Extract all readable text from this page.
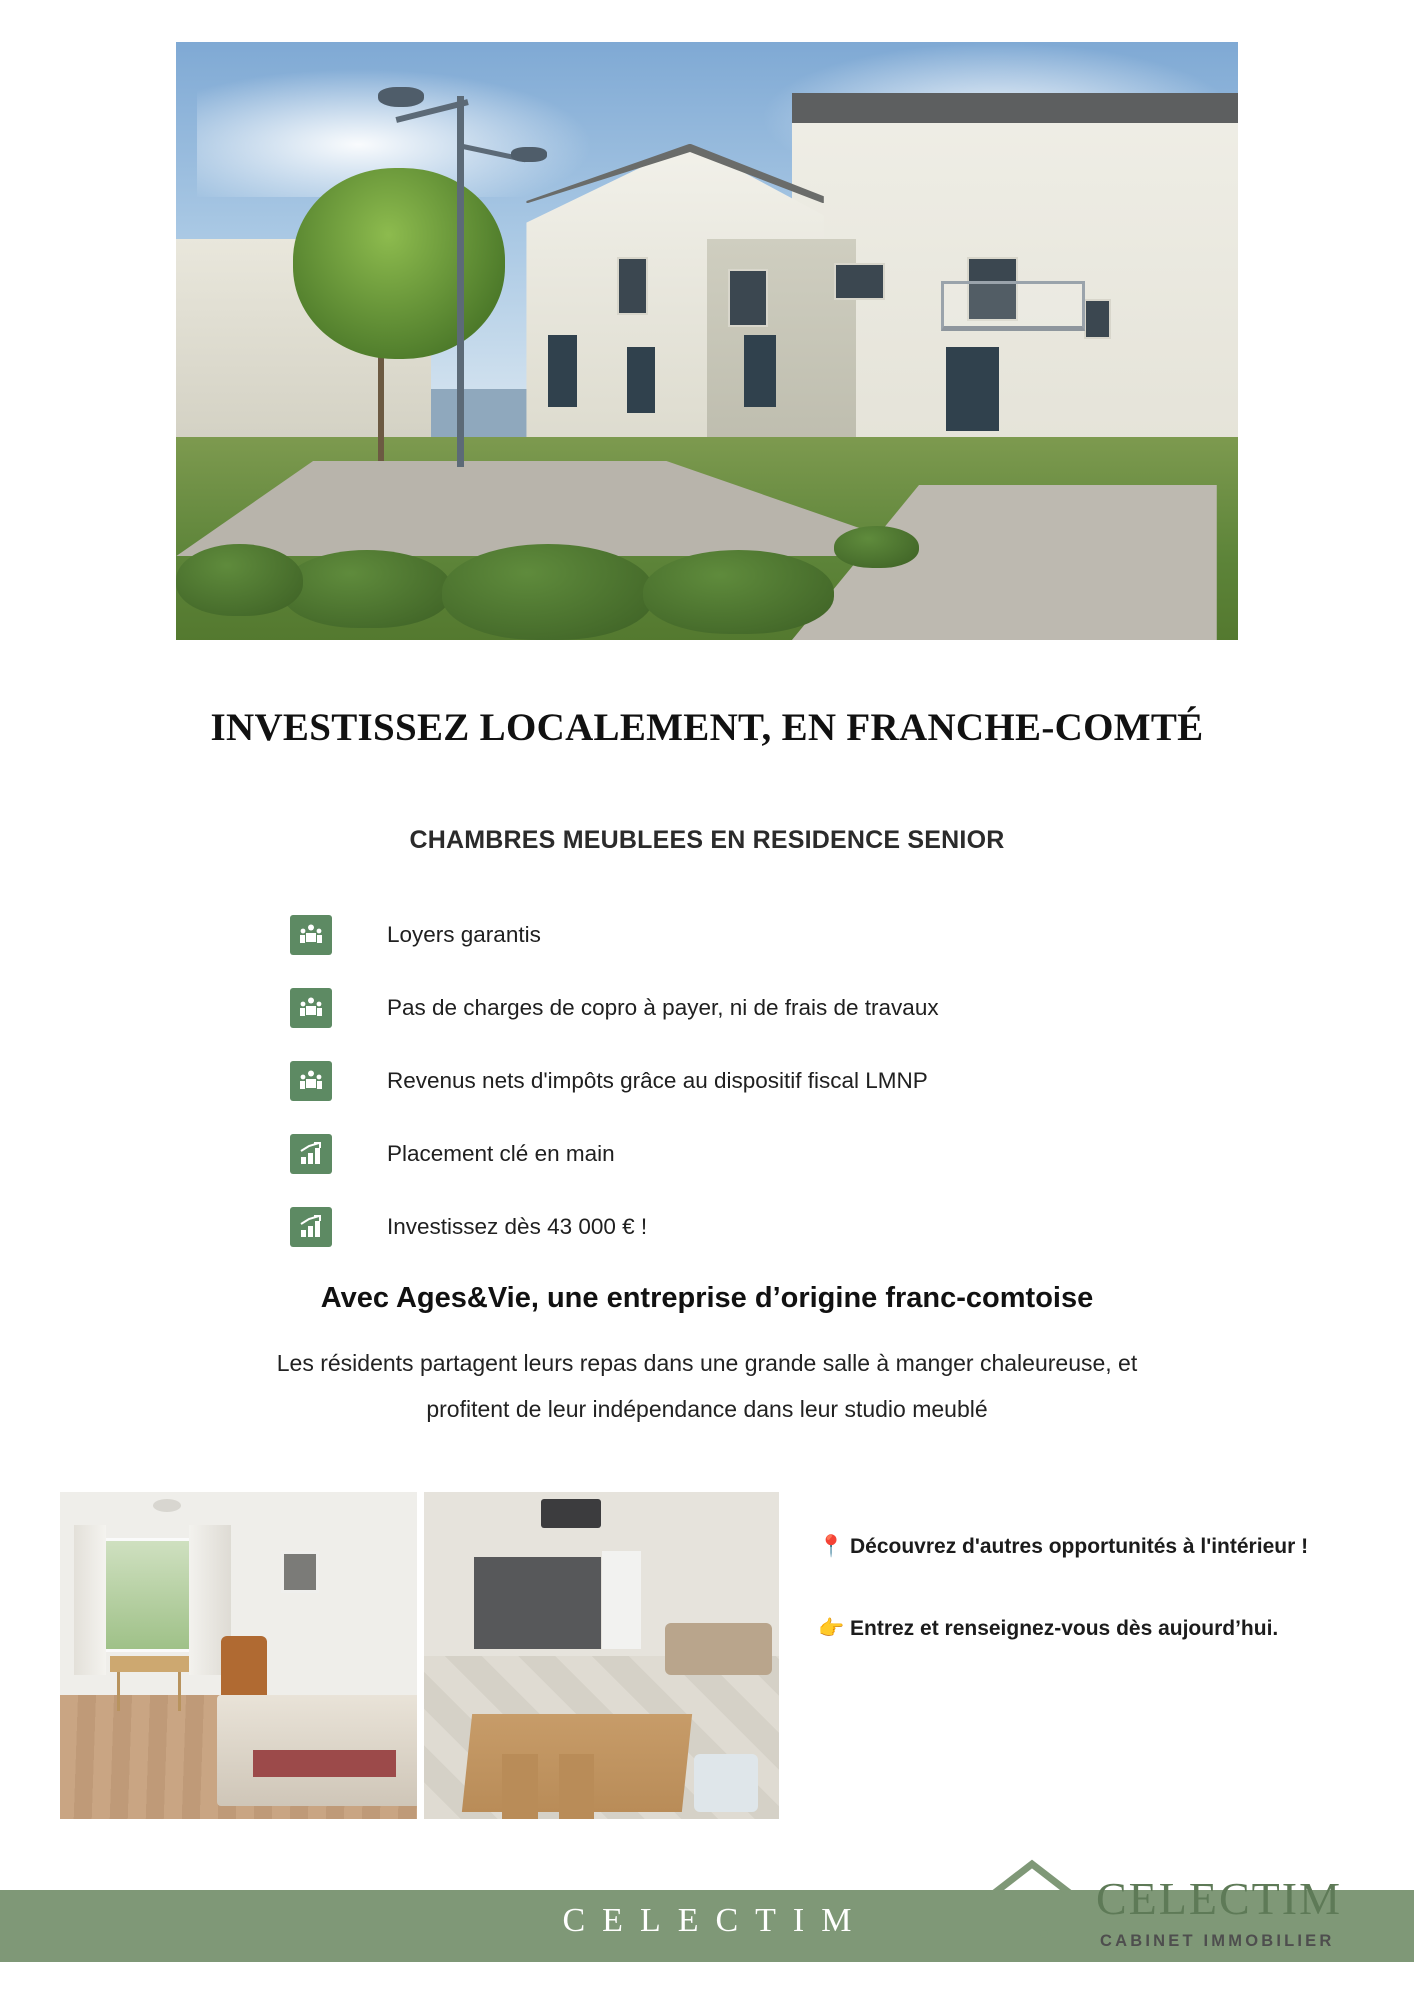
INVESTISSEZ LOCALEMENT, EN FRANCHE-COMTÉ
CHAMBRES MEUBLEES EN RESIDENCE SENIOR
Loyers garantis
Pas de charges de copro à payer, ni de frais de travaux
Revenus nets d'impôts grâce au dispositif fiscal LMNP
Placement clé en main
Investissez dès 43 000 € !
Avec Ages&Vie, une entreprise d’origine franc-comtoise
Les résidents partagent leurs repas dans une grande salle à manger chaleureuse, et
profitent de leur indépendance dans leur studio meublé

📍 Découvrez d'autres opportunités à l'intérieur !

👉 Entrez et renseignez-vous dès aujourd’hui.

CELECTIM	CELECTIM
CABINET IMMOBILIER
